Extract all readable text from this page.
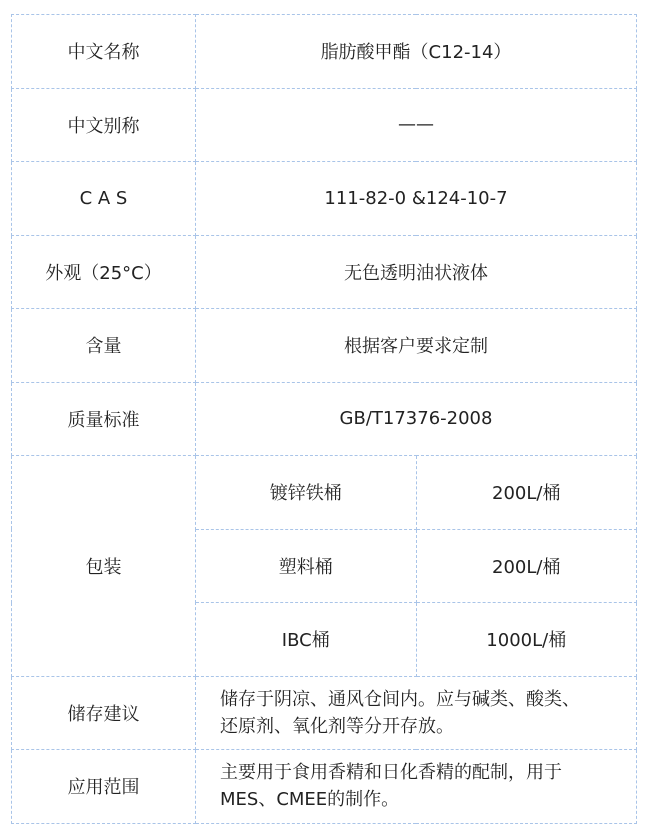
中文名称	脂肪酸甲酯（C12-14）	
中文别称	——	
C A S	111-82-0 &124-10-7	
外观（25°C）	无色透明油状液体	
含量	根据客户要求定制	
质量标准	GB/T17376-2008	
包装	镀锌铁桶	200L/桶
	塑料桶	200L/桶
	IBC桶	1000L/桶
储存建议	储存于阴凉、通风仓间内。应与碱类、酸类、
还原剂、氧化剂等分开存放。	

应用范围	主要用于食用香精和日化香精的配制，用于
MES、CMEE的制作。	
